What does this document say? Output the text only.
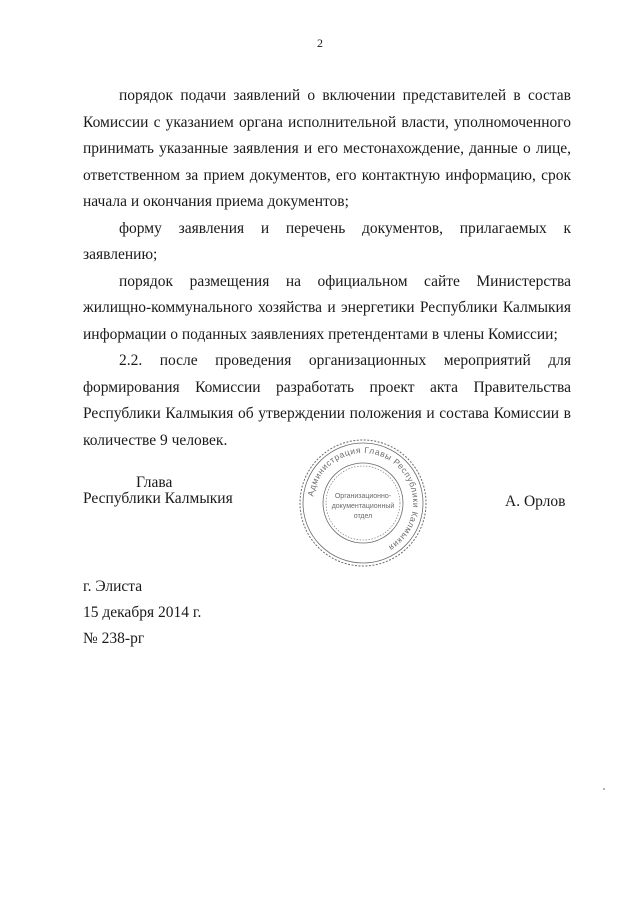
2

порядок подачи заявлений о включении представителей в состав Комиссии с указанием органа исполнительной власти, уполномоченного принимать указанные заявления и его местонахождение, данные о лице, ответственном за прием документов, его контактную информацию, срок начала и окончания приема документов;

форму заявления и перечень документов, прилагаемых к заявлению;

порядок размещения на официальном сайте Министерства жилищно-коммунального хозяйства и энергетики Республики Калмыкия информации о поданных заявлениях претендентами в члены Комиссии;

2.2. после проведения организационных мероприятий для формирования Комиссии разработать проект акта Правительства Республики Калмыкия об утверждении положения и состава Комиссии в количестве 9 человек.

Глава
Республики Калмыкия	А. Орлов
Администрация Главы Республики Калмыкия
Организационно-
документационный
отдел
г. Элиста
15 декабря 2014 г.
№ 238-рг
